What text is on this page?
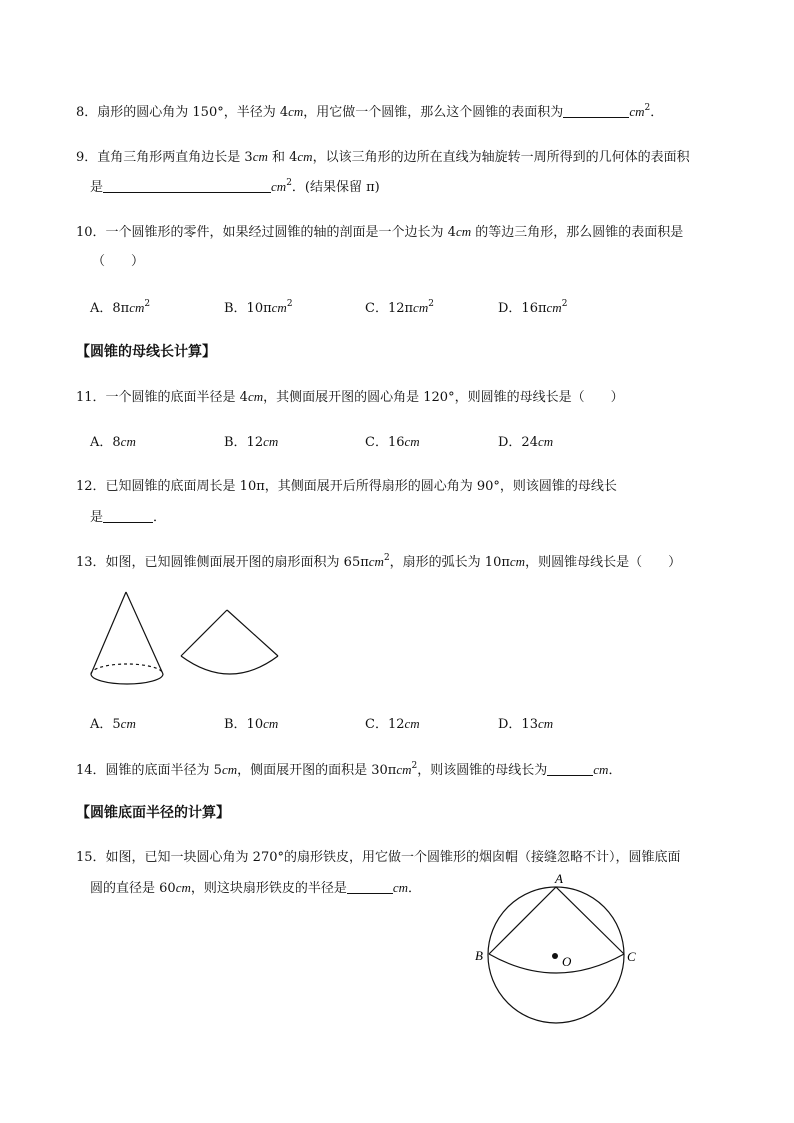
8．扇形的圆心角为 150°，半径为 4cm，用它做一个圆锥，那么这个圆锥的表面积为	$cm^2$．
9．直角三角形两直角边长是 3cm 和 4cm，以该三角形的边所在直线为轴旋转一周所得到的几何体的表面积
是	$cm^2$．(结果保留 π)
10．一个圆锥形的零件，如果经过圆锥的轴的剖面是一个边长为 4cm 的等边三角形，那么圆锥的表面积是
（　　）
A．8πcm$^2$	B．10πcm$^2$	C．12πcm$^2$	D．16πcm$^2$
【圆锥的母线长计算】
11．一个圆锥的底面半径是 4cm，其侧面展开图的圆心角是 120°，则圆锥的母线长是（　　）
A．8cm	B．12cm	C．16cm	D．24cm
12．已知圆锥的底面周长是 10π，其侧面展开后所得扇形的圆心角为 90°，则该圆锥的母线长
是	．
13．如图，已知圆锥侧面展开图的扇形面积为 65πcm$^2$，扇形的弧长为 10πcm，则圆锥母线长是（　　）
A．5cm	B．10cm	C．12cm	D．13cm
14．圆锥的底面半径为 5cm，侧面展开图的面积是 30πcm$^2$，则该圆锥的母线长为	cm．
【圆锥底面半径的计算】
15．如图，已知一块圆心角为 270°的扇形铁皮，用它做一个圆锥形的烟囱帽（接缝忽略不计），圆锥底面
圆的直径是 60cm，则这块扇形铁皮的半径是	cm．
A
B	C
O
